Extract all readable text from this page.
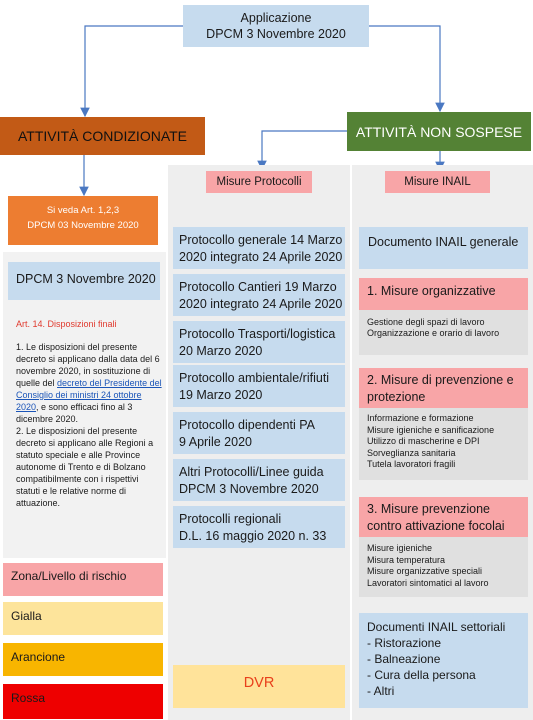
Applicazione
DPCM 3 Novembre 2020
ATTIVITÀ CONDIZIONATE	ATTIVITÀ NON SOSPESE
Si veda Art. 1,2,3
DPCM 03 Novembre 2020
DPCM 3 Novembre 2020
Art. 14. Disposizioni finali
1. Le disposizioni del presente decreto si applicano dalla data del 6 novembre 2020, in sostituzione di quelle del decreto del Presidente del Consiglio dei ministri 24 ottobre 2020, e sono efficaci fino al 3 dicembre 2020.
2. Le disposizioni del presente decreto si applicano alle Regioni a statuto speciale e alle Province autonome di Trento e di Bolzano compatibilmente con i rispettivi statuti e le relative norme di attuazione.
Zona/Livello di rischio
Gialla
Arancione
Rossa
Misure Protocolli	Misure INAIL
Protocollo generale 14 Marzo
2020 integrato 24 Aprile 2020
Protocollo Cantieri 19 Marzo
2020 integrato 24 Aprile 2020
Protocollo Trasporti/logistica
20 Marzo 2020
Protocollo ambientale/rifiuti
19 Marzo 2020
Protocollo dipendenti PA
9 Aprile 2020
Altri Protocolli/Linee guida
DPCM 3 Novembre 2020
Protocolli regionali
D.L. 16 maggio 2020 n. 33
DVR
Documento INAIL generale
1. Misure organizzative
Gestione degli spazi di lavoro
Organizzazione e orario di lavoro
2. Misure di prevenzione e
protezione
Informazione e formazione
Misure igieniche e sanificazione
Utilizzo di mascherine e DPI
Sorveglianza sanitaria
Tutela lavoratori fragili
3. Misure prevenzione
contro attivazione focolai
Misure igieniche
Misura temperatura
Misure organizzative speciali
Lavoratori sintomatici al lavoro
Documenti INAIL settoriali
- Ristorazione
- Balneazione
- Cura della persona
- Altri
